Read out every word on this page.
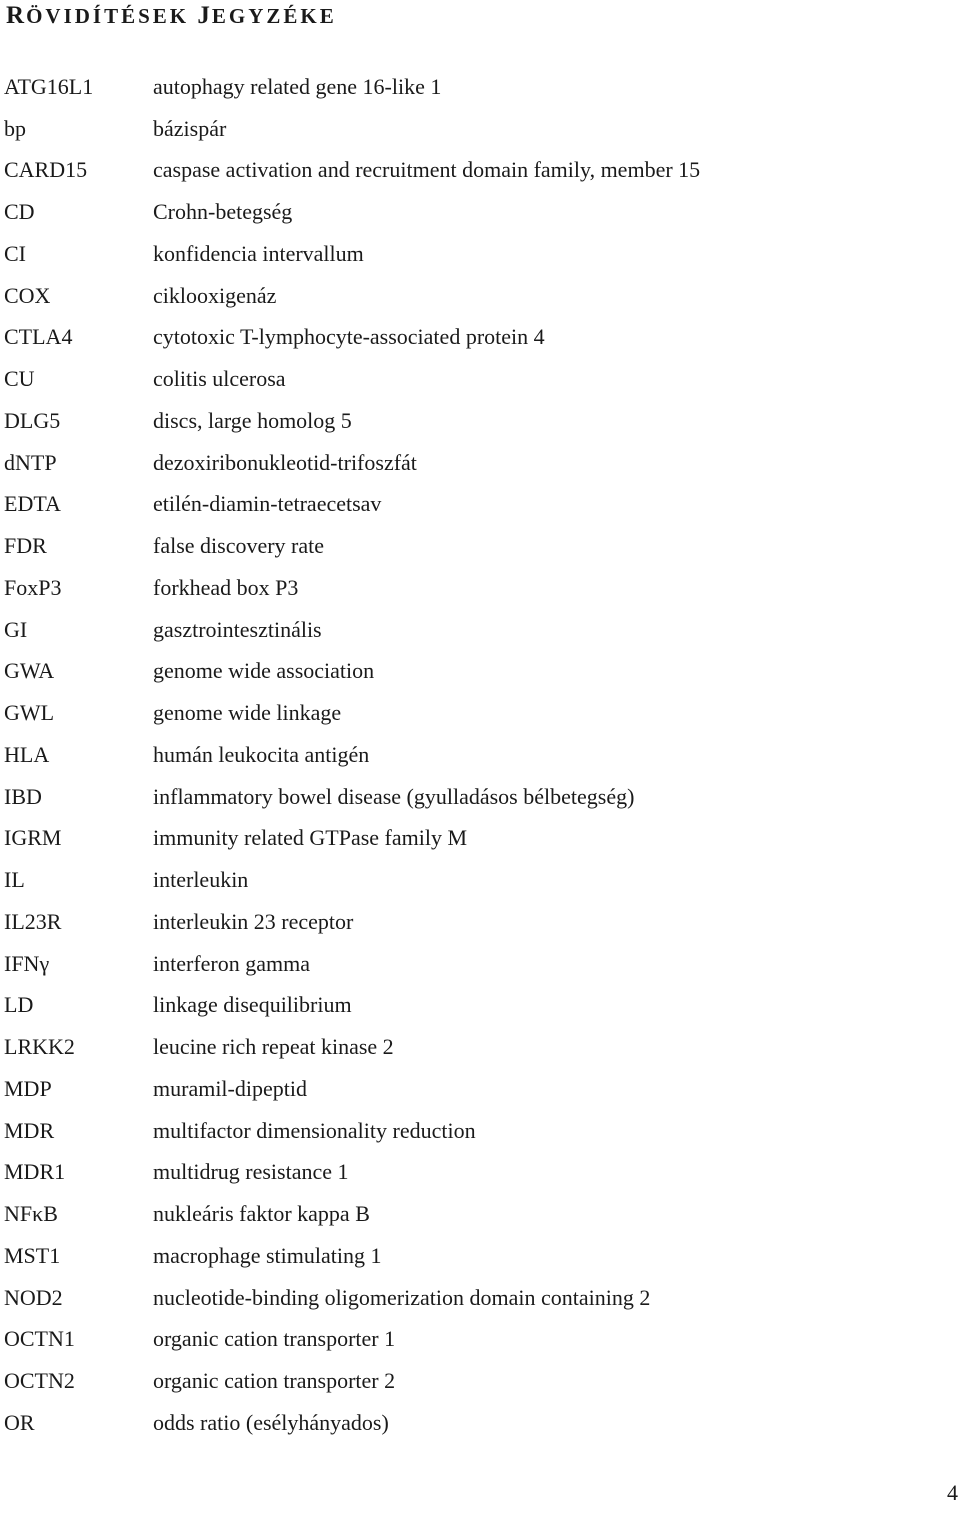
RÖVIDÍTÉSEK JEGYZÉKE
ATG16L1	autophagy related gene 16-like 1
bp	bázispár
CARD15	caspase activation and recruitment domain family, member 15
CD	Crohn-betegség
CI	konfidencia intervallum
COX	ciklooxigenáz
CTLA4	cytotoxic T-lymphocyte-associated protein 4
CU	colitis ulcerosa
DLG5	discs, large homolog 5
dNTP	dezoxiribonukleotid-trifoszfát
EDTA	etilén-diamin-tetraecetsav
FDR	false discovery rate
FoxP3	forkhead box P3
GI	gasztrointesztinális
GWA	genome wide association
GWL	genome wide linkage
HLA	humán leukocita antigén
IBD	inflammatory bowel disease (gyulladásos bélbetegség)
IGRM	immunity related GTPase family M
IL	interleukin
IL23R	interleukin 23 receptor
IFNγ	interferon gamma
LD	linkage disequilibrium
LRKK2	leucine rich repeat kinase 2
MDP	muramil-dipeptid
MDR	multifactor dimensionality reduction
MDR1	multidrug resistance 1
NFκB	nukleáris faktor kappa B
MST1	macrophage stimulating 1
NOD2	nucleotide-binding oligomerization domain containing 2
OCTN1	organic cation transporter 1
OCTN2	organic cation transporter 2
OR	odds ratio (esélyhányados)
4
